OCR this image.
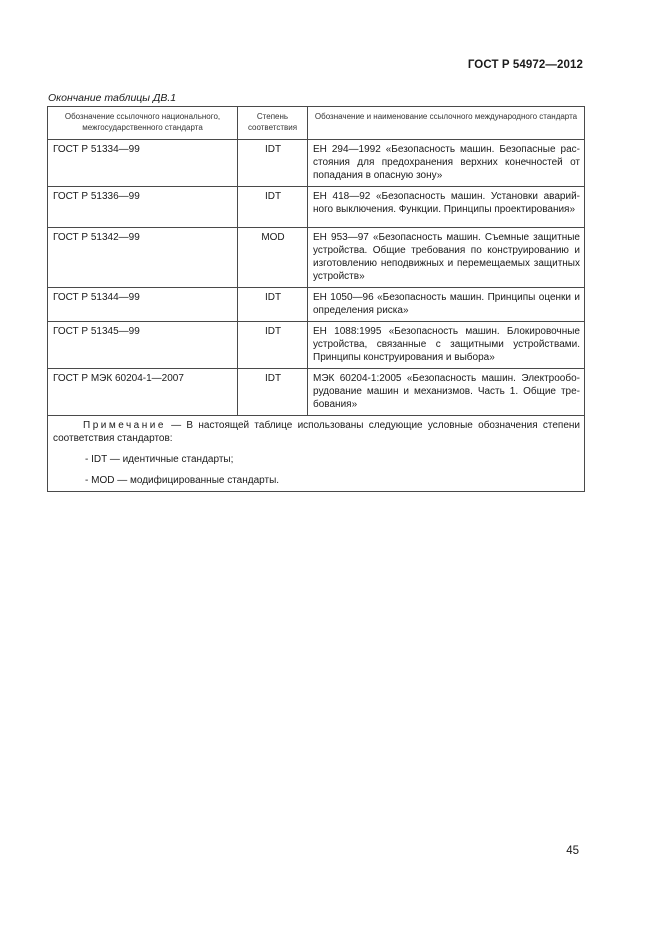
ГОСТ Р 54972—2012
Окончание таблицы ДВ.1
Обозначение ссылочного национального, межгосударственного стандарта	Степень соответствия	Обозначение и наименование ссылочного международного стандарта
ГОСТ Р 51334—99	IDT	ЕН 294—1992 «Безопасность машин. Безопасные расстояния для предохранения верхних конечностей от попадания в опасную зону»
ГОСТ Р 51336—99	IDT	ЕН 418—92 «Безопасность машин. Установки аварийного выключения. Функции. Принципы проектирования»
ГОСТ Р 51342—99	MOD	ЕН 953—97 «Безопасность машин. Съемные защитные устройства. Общие требования по конструированию и изготовлению неподвижных и перемещаемых защитных устройств»
ГОСТ Р 51344—99	IDT	ЕН 1050—96 «Безопасность машин. Принципы оценки и определения риска»
ГОСТ Р 51345—99	IDT	ЕН 1088:1995 «Безопасность машин. Блокировочные устройства, связанные с защитными устройствами. Принципы конструирования и выбора»
ГОСТ Р МЭК 60204-1—2007	IDT	МЭК 60204-1:2005 «Безопасность машин. Электрооборудование машин и механизмов. Часть 1. Общие требования»

Примечание — В настоящей таблице использованы следующие условные обозначения степени соответствия стандартов:

- IDT — идентичные стандарты;
- MOD — модифицированные стандарты.		
45
